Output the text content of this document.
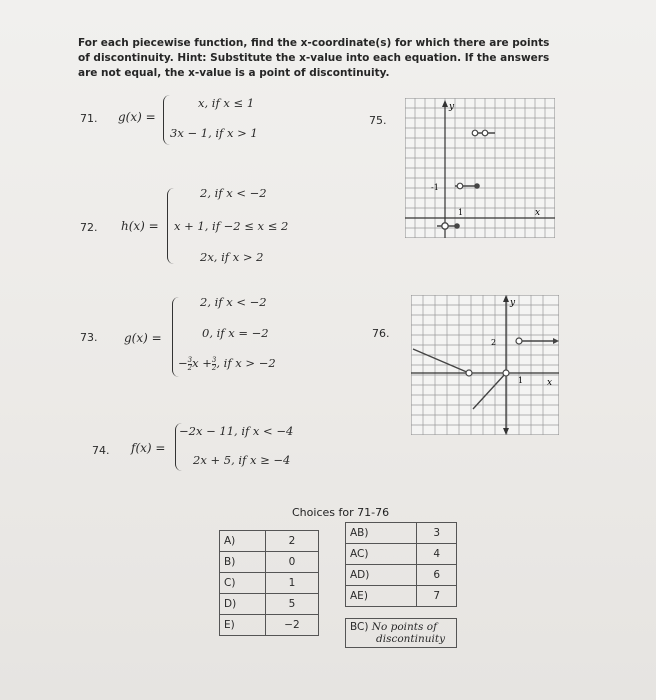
For each piecewise function, find the x-coordinate(s) for which there are points of discontinuity. Hint: Substitute the x-value into each equation. If the answers are not equal, the x-value is a point of discontinuity.
71. g(x) =
x, if x ≤ 1
3x − 1, if x > 1
72. h(x) =
2, if x < −2
x + 1, if −2 ≤ x ≤ 2
2x, if x > 2
73. g(x) =
2, if x < −2
0, if x = −2
− $\frac{3}{2}$ $x + \frac{3}{2}$ , if x > −2
74. f(x) =
−2x − 11, if x < −4
2x + 5, if x ≥ −4
75.
y
x
-1
1
76.
y
x
2
1
Choices for 71-76
A)	2
B)	0
C)	1
D)	5
E)	−2
AB)	3
AC)	4
AD)	6
AE)	7
BC) No points of
discontinuity
